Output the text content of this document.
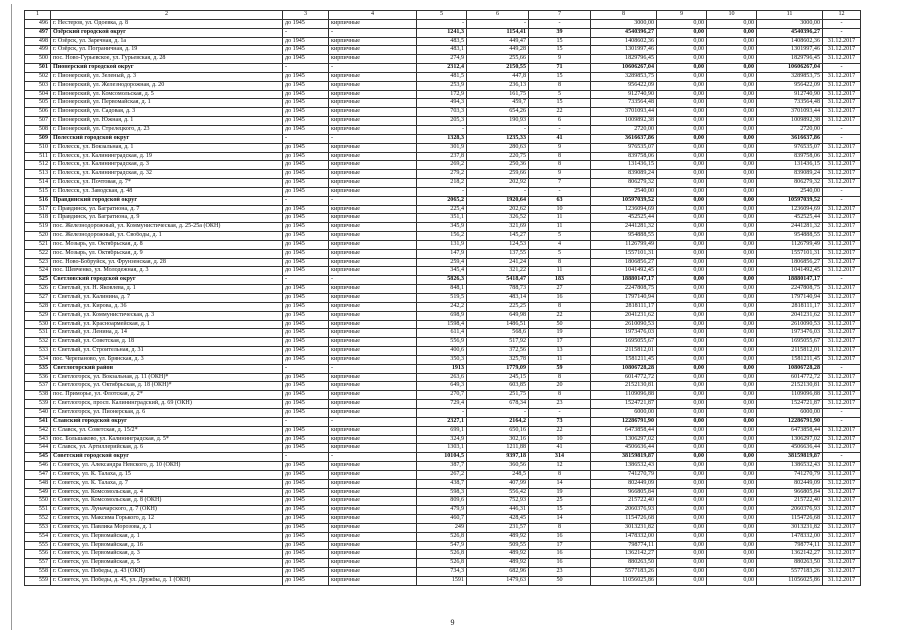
1	2	3	4	5	6	7	8	9	10	11	12
496	г. Нестеров, ул. Одоевка, д. 8	до 1945	кирпичные	-	-	-	3000,00	0,00	0,00	3000,00	-
497	Озёрский городской округ	-	-	1241,3	1154,41	39	4540396,27	0,00	0,00	4540396,27	-
498	г. Озёрск, ул. Заречная, д. 1а	до 1945	кирпичные	483,5	449,47	15	1408602,36	0,00	0,00	1408602,36	31.12.2017
499	г. Озёрск, ул. Пограничная, д. 19	до 1945	кирпичные	483,1	449,28	15	1301997,46	0,00	0,00	1301997,46	31.12.2017
500	пос. Ново-Гурьевское, ул. Гурьевская, д. 28	до 1945	кирпичные	274,9	255,66	9	1829796,45	0,00	0,00	1829796,45	31.12.2017
501	Пионерский городской округ	-	-	2312,4	2150,55	71	10606267,04	0,00	0,00	10606267,04	-
502	г. Пионерский, ул. Зеленый, д. 3	до 1945	кирпичные	481,5	447,8	15	3289853,75	0,00	0,00	3289853,75	31.12.2017
503	г. Пионерский, ул. Железнодорожная, д. 20	до 1945	кирпичные	253,9	236,13	8	956422,09	0,00	0,00	956422,09	31.12.2017
504	г. Пионерский, ул. Комсомольская, д. 5	до 1945	кирпичные	172,9	161,75	5	912740,90	0,00	0,00	912740,90	31.12.2017
505	г. Пионерский, ул. Первомайская, д. 1	до 1945	кирпичные	494,3	459,7	15	733564,48	0,00	0,00	733564,48	31.12.2017
506	г. Пионерский, ул. Садовая, д. 3	до 1945	кирпичные	703,3	654,26	22	3701093,44	0,00	0,00	3701093,44	31.12.2017
507	г. Пионерский, ул. Южная, д. 1	до 1945	кирпичные	205,3	190,93	6	1009892,38	0,00	0,00	1009892,38	31.12.2017
508	г. Пионерский, ул. Стрелецкого, д. 23	до 1945	кирпичные	-	-	-	2720,00	0,00	0,00	2720,00	-
509	Полесский городской округ	-	-	1328,3	1235,33	41	3616637,86	0,00	0,00	3616637,86	-
510	г. Полесск, ул. Вокзальная, д. 1	до 1945	кирпичные	301,9	280,63	9	976535,07	0,00	0,00	976535,07	31.12.2017
511	г. Полесск, ул. Калининградская, д. 19	до 1945	кирпичные	237,8	220,75	8	839758,06	0,00	0,00	839758,06	31.12.2017
512	г. Полесск, ул. Калининградская, д. 3	до 1945	кирпичные	269,2	250,36	8	131436,15	0,00	0,00	131436,15	31.12.2017
513	г. Полесск, ул. Калининградская, д. 32	до 1945	кирпичные	279,2	259,66	9	839089,24	0,00	0,00	839089,24	31.12.2017
514	г. Полесск, ул. Почтовая, д. 7*	до 1945	кирпичные	218,2	202,92	7	806279,32	0,00	0,00	806279,32	31.12.2017
515	г. Полесск, ул. Заводская, д. 48	до 1945	кирпичные	-	-	-	2540,00	0,00	0,00	2540,00	-
516	Правдинский городской округ	-	-	2065,2	1920,64	63	10597039,52	0,00	0,00	10597039,52	-
517	г. Правдинск, ул. Багратиона, д. 7	до 1945	кирпичные	225,4	202,62	10	1236094,69	0,00	0,00	1236094,69	31.12.2017
518	г. Правдинск, ул. Багратиона, д. 9	до 1945	кирпичные	351,1	326,52	11	452525,44	0,00	0,00	452525,44	31.12.2017
519	пос. Железнодорожный, ул. Коммунистическая, д. 25-25а (ОКН)	до 1945	кирпичные	345,9	321,69	11	2441281,32	0,00	0,00	2441281,32	31.12.2017
520	пос. Железнодорожный, ул. Свободы, д. 1	до 1945	кирпичные	156,2	145,27	5	954888,55	0,00	0,00	954888,55	31.12.2017
521	пос. Мозырь, ул. Октябрьская, д. 8	до 1945	кирпичные	131,9	124,53	4	1126799,49	0,00	0,00	1126799,49	31.12.2017
522	пос. Мозырь, ул. Октябрьская, д. 9	до 1945	кирпичные	147,9	137,55	5	1557101,31	0,00	0,00	1557101,31	31.12.2017
523	пос. Ново-Бобруйск, ул. Фрунзенская, д. 28	до 1945	кирпичные	259,4	241,24	8	1806856,27	0,00	0,00	1806856,27	31.12.2017
524	пос. Шевченко, ул. Молодежная, д. 3	до 1945	кирпичные	345,4	321,22	11	1041492,45	0,00	0,00	1041492,45	31.12.2017
525	Светловский городской округ	-	-	5826,3	5418,47	183	18880147,17	0,00	0,00	18880147,17	-
526	г. Светлый, ул. Н. Яковлева, д. 1	до 1945	кирпичные	848,1	788,73	27	2247808,75	0,00	0,00	2247808,75	31.12.2017
527	г. Светлый, ул. Калинина, д. 7	до 1945	кирпичные	519,5	483,14	16	1797140,94	0,00	0,00	1797140,94	31.12.2017
528	г. Светлый, ул. Кирова, д. 36	до 1945	кирпичные	242,2	225,25	8	2818111,17	0,00	0,00	2818111,17	31.12.2017
529	г. Светлый, ул. Коммунистическая, д. 3	до 1945	кирпичные	698,9	649,98	22	2041231,62	0,00	0,00	2041231,62	31.12.2017
530	г. Светлый, ул. Красноармейская, д. 1	до 1945	кирпичные	1598,4	1486,51	50	2610090,53	0,00	0,00	2610090,53	31.12.2017
531	г. Светлый, ул. Ленина, д. 14	до 1945	кирпичные	611,4	568,6	19	1973476,03	0,00	0,00	1973476,03	31.12.2017
532	г. Светлый, ул. Советская, д. 18	до 1945	кирпичные	556,9	517,92	17	1695055,67	0,00	0,00	1695055,67	31.12.2017
533	г. Светлый, ул. Строительная, д. 31	до 1945	кирпичные	400,6	372,56	13	2115812,01	0,00	0,00	2115812,01	31.12.2017
534	пос. Черепаново, ул. Брянская, д. 3	до 1945	кирпичные	350,3	325,78	11	1581211,45	0,00	0,00	1581211,45	31.12.2017
535	Светлогорский район	-	-	1913	1779,09	59	10806728,28	0,00	0,00	10806728,28	-
536	г. Светлогорск, ул. Вокзальная, д. 11 (ОКН)*	до 1945	кирпичные	263,6	245,15	8	6014772,72	0,00	0,00	6014772,72	31.12.2017
537	г. Светлогорск, ул. Октябрьская, д. 18 (ОКН)*	до 1945	кирпичные	649,3	603,85	20	2152130,81	0,00	0,00	2152130,81	31.12.2017
538	пос. Приморье, ул. Флотская, д. 2*	до 1945	кирпичные	270,7	251,75	8	1109096,88	0,00	0,00	1109096,88	31.12.2017
539	г. Светлогорск, просп. Калининградский, д. 69 (ОКН)	до 1945	кирпичные	729,4	678,34	23	1524721,87	0,00	0,00	1524721,87	31.12.2017
540	г. Светлогорск, ул. Пионерская, д. 6	до 1945	кирпичные	-	-	-	6000,00	0,00	0,00	6000,00	-
541	Славский городской округ	-	-	2327,1	2164,2	73	12286791,90	0,00	0,00	12286791,90	-
542	г. Славск, ул. Советская, д. 15/2*	до 1945	кирпичные	699,1	650,16	22	6473858,44	0,00	0,00	6473858,44	31.12.2017
543	пос. Большаково, ул. Калининградская, д. 5*	до 1945	кирпичные	324,9	302,16	10	1306297,02	0,00	0,00	1306297,02	31.12.2017
544	г. Славск, ул. Артиллерийская, д. 6	до 1945	кирпичные	1303,1	1211,88	41	4506636,44	0,00	0,00	4506636,44	31.12.2017
545	Советский городской округ	-	-	10104,5	9397,18	314	38159819,87	0,00	0,00	38159819,87	-
546	г. Советск, ул. Александра Невского, д. 10 (ОКН)	до 1945	кирпичные	387,7	360,56	12	1386532,43	0,00	0,00	1386532,43	31.12.2017
547	г. Советск, ул. К. Талаха, д. 15	до 1945	кирпичные	267,2	248,5	8	741270,79	0,00	0,00	741270,79	31.12.2017
548	г. Советск, ул. К. Талаха, д. 7	до 1945	кирпичные	438,7	407,99	14	802449,09	0,00	0,00	802449,09	31.12.2017
549	г. Советск, ул. Комсомольская, д. 4	до 1945	кирпичные	598,3	556,42	19	966805,84	0,00	0,00	966805,84	31.12.2017
550	г. Советск, ул. Комсомольская, д. 8 (ОКН)	до 1945	кирпичные	809,6	752,93	25	215722,40	0,00	0,00	215722,40	31.12.2017
551	г. Советск, ул. Луначарского, д. 7 (ОКН)	до 1945	кирпичные	479,9	446,31	15	2060376,93	0,00	0,00	2060376,93	31.12.2017
552	г. Советск, ул. Максима Горького, д. 12	до 1945	кирпичные	460,7	428,45	14	1154726,68	0,00	0,00	1154726,68	31.12.2017
553	г. Советск, ул. Павлика Морозова, д. 1	до 1945	кирпичные	249	231,57	8	3013231,82	0,00	0,00	3013231,82	31.12.2017
554	г. Советск, ул. Первомайская, д. 1	до 1945	кирпичные	526,8	489,92	16	1478332,00	0,00	0,00	1478332,00	31.12.2017
555	г. Советск, ул. Первомайская, д. 16	до 1945	кирпичные	547,9	509,55	17	798774,11	0,00	0,00	798774,11	31.12.2017
556	г. Советск, ул. Первомайская, д. 3	до 1945	кирпичные	526,8	489,92	16	1362142,27	0,00	0,00	1362142,27	31.12.2017
557	г. Советск, ул. Первомайская, д. 5	до 1945	кирпичные	526,8	489,92	16	880263,50	0,00	0,00	880263,50	31.12.2017
558	г. Советск, ул. Победы, д. 43 (ОКН)	до 1945	кирпичные	734,3	682,96	23	5577183,26	0,00	0,00	5577183,26	31.12.2017
559	г. Советск, ул. Победы, д. 45, ул. Дружбы, д. 1 (ОКН)	до 1945	кирпичные	1591	1479,63	50	11056025,86	0,00	0,00	11056025,86	31.12.2017
9
